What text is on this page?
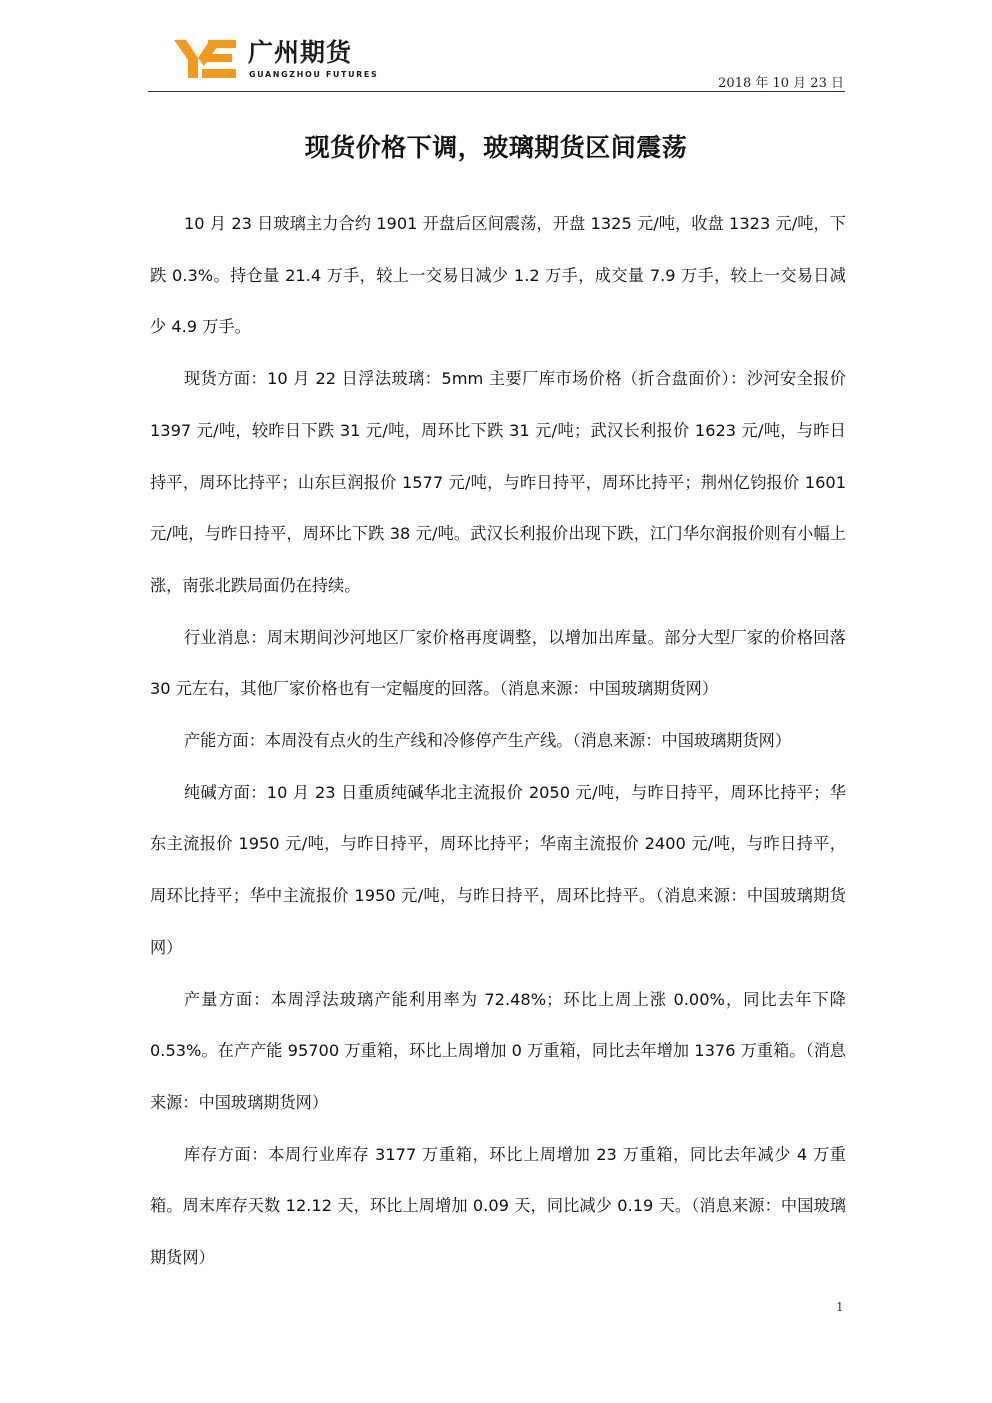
广州期货
GUANGZHOU FUTURES
2018 年 10 月 23 日
现货价格下调，玻璃期货区间震荡

10 月 23 日玻璃主力合约 1901 开盘后区间震荡，开盘 1325 元/吨，收盘 1323 元/吨，下跌 0.3%。持仓量 21.4 万手，较上一交易日减少 1.2 万手，成交量 7.9 万手，较上一交易日减少 4.9 万手。

现货方面：10 月 22 日浮法玻璃：5mm 主要厂库市场价格（折合盘面价）：沙河安全报价 1397 元/吨，较昨日下跌 31 元/吨，周环比下跌 31 元/吨；武汉长利报价 1623 元/吨，与昨日持平，周环比持平；山东巨润报价 1577 元/吨，与昨日持平，周环比持平；荆州亿钧报价 1601 元/吨，与昨日持平，周环比下跌 38 元/吨。武汉长利报价出现下跌，江门华尔润报价则有小幅上涨，南张北跌局面仍在持续。

行业消息：周末期间沙河地区厂家价格再度调整，以增加出库量。部分大型厂家的价格回落 30 元左右，其他厂家价格也有一定幅度的回落。（消息来源：中国玻璃期货网）

产能方面：本周没有点火的生产线和冷修停产生产线。（消息来源：中国玻璃期货网）

纯碱方面：10 月 23 日重质纯碱华北主流报价 2050 元/吨，与昨日持平，周环比持平；华东主流报价 1950 元/吨，与昨日持平，周环比持平；华南主流报价 2400 元/吨，与昨日持平，周环比持平；华中主流报价 1950 元/吨，与昨日持平，周环比持平。（消息来源：中国玻璃期货网）

产量方面：本周浮法玻璃产能利用率为 72.48%；环比上周上涨 0.00%，同比去年下降 0.53%。在产产能 95700 万重箱，环比上周增加 0 万重箱，同比去年增加 1376 万重箱。（消息来源：中国玻璃期货网）

库存方面：本周行业库存 3177 万重箱，环比上周增加 23 万重箱，同比去年减少 4 万重箱。周末库存天数 12.12 天，环比上周增加 0.09 天，同比减少 0.19 天。（消息来源：中国玻璃期货网）

1
